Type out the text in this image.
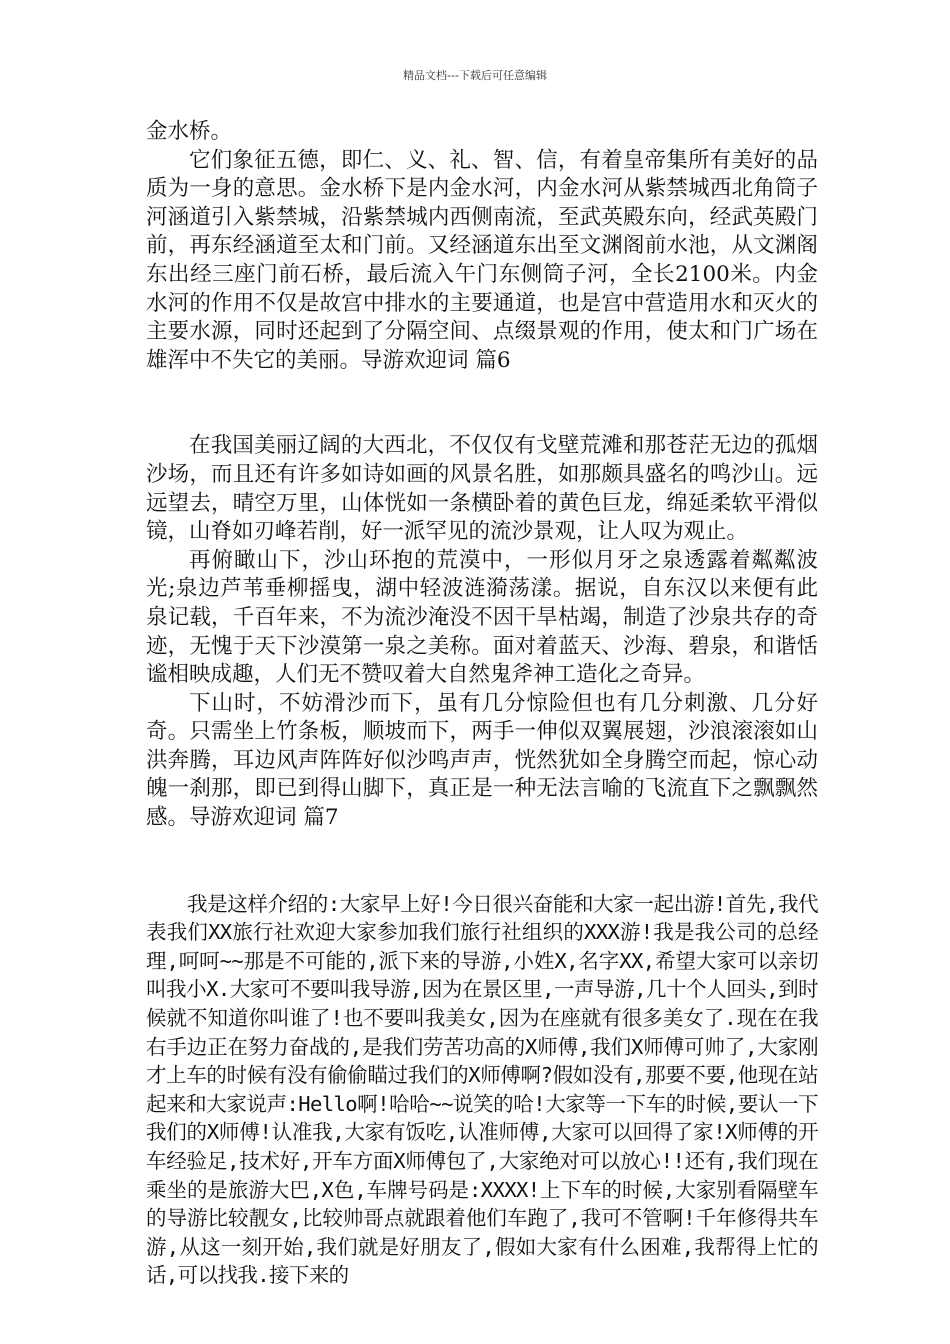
精品文档---下载后可任意编辑

金水桥。

它们象征五德，即仁、义、礼、智、信，有着皇帝集所有美好的品质为一身的意思。金水桥下是内金水河，内金水河从紫禁城西北角筒子河涵道引入紫禁城，沿紫禁城内西侧南流，至武英殿东向，经武英殿门前，再东经涵道至太和门前。又经涵道东出至文渊阁前水池，从文渊阁东出经三座门前石桥，最后流入午门东侧筒子河，全长2100米。内金水河的作用不仅是故宫中排水的主要通道，也是宫中营造用水和灭火的主要水源，同时还起到了分隔空间、点缀景观的作用，使太和门广场在雄浑中不失它的美丽。导游欢迎词 篇6

在我国美丽辽阔的大西北，不仅仅有戈壁荒滩和那苍茫无边的孤烟沙场，而且还有许多如诗如画的风景名胜，如那颇具盛名的鸣沙山。远远望去，晴空万里，山体恍如一条横卧着的黄色巨龙，绵延柔软平滑似镜，山脊如刃峰若削，好一派罕见的流沙景观，让人叹为观止。

再俯瞰山下，沙山环抱的荒漠中，一形似月牙之泉透露着粼粼波光;泉边芦苇垂柳摇曳，湖中轻波涟漪荡漾。据说，自东汉以来便有此泉记载，千百年来，不为流沙淹没不因干旱枯竭，制造了沙泉共存的奇迹，无愧于天下沙漠第一泉之美称。面对着蓝天、沙海、碧泉，和谐恬谧相映成趣，人们无不赞叹着大自然鬼斧神工造化之奇异。

下山时，不妨滑沙而下，虽有几分惊险但也有几分刺激、几分好奇。只需坐上竹条板，顺坡而下，两手一伸似双翼展翅，沙浪滚滚如山洪奔腾，耳边风声阵阵好似沙鸣声声，恍然犹如全身腾空而起，惊心动魄一刹那，即已到得山脚下，真正是一种无法言喻的飞流直下之飘飘然感。导游欢迎词 篇7

我是这样介绍的:大家早上好!今日很兴奋能和大家一起出游!首先,我代表我们XX旅行社欢迎大家参加我们旅行社组织的XXX游!我是我公司的总经理,呵呵~~那是不可能的,派下来的导游,小姓X,名字XX,希望大家可以亲切叫我小X.大家可不要叫我导游,因为在景区里,一声导游,几十个人回头,到时候就不知道你叫谁了!也不要叫我美女,因为在座就有很多美女了.现在在我右手边正在努力奋战的,是我们劳苦功高的X师傅,我们X师傅可帅了,大家刚才上车的时候有没有偷偷瞄过我们的X师傅啊?假如没有,那要不要,他现在站起来和大家说声:Hello啊!哈哈~~说笑的哈!大家等一下车的时候,要认一下我们的X师傅!认准我,大家有饭吃,认准师傅,大家可以回得了家!X师傅的开车经验足,技术好,开车方面X师傅包了,大家绝对可以放心!!还有,我们现在乘坐的是旅游大巴,X色,车牌号码是:XXXX!上下车的时候,大家别看隔壁车的导游比较靓女,比较帅哥点就跟着他们车跑了,我可不管啊!千年修得共车游,从这一刻开始,我们就是好朋友了,假如大家有什么困难,我帮得上忙的话,可以找我.接下来的
